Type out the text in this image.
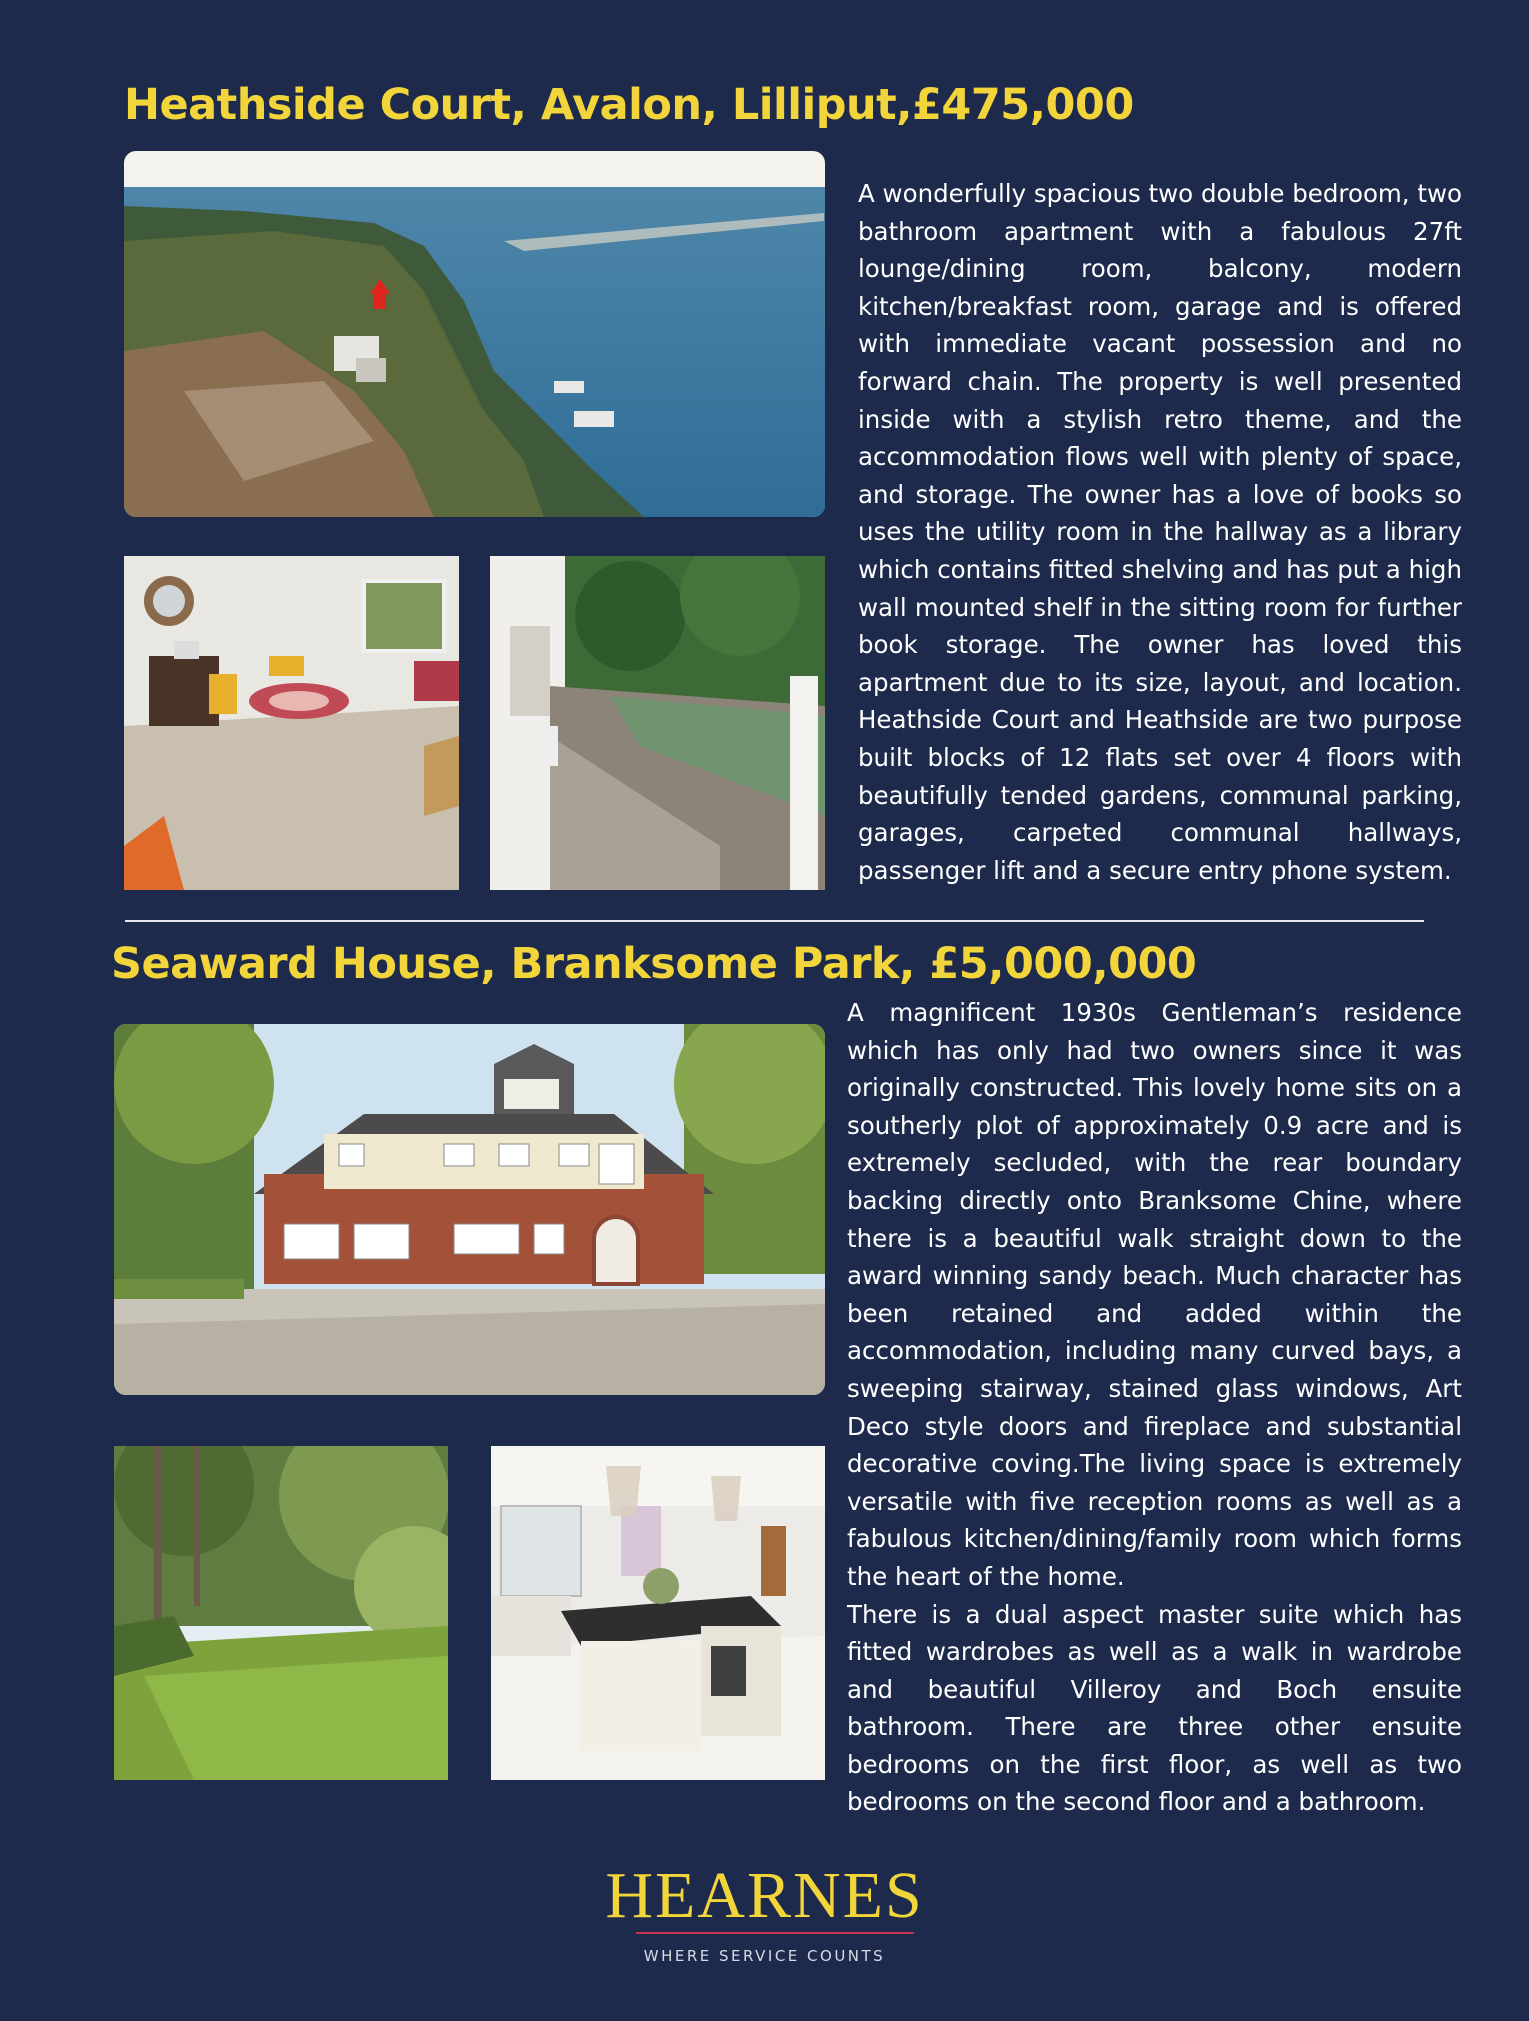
Heathside Court, Avalon, Lilliput,£475,000

A wonderfully spacious two double bedroom, two bathroom apartment with a fabulous 27ft lounge/dining room, balcony, modern kitchen/breakfast room, garage and is offered with immediate vacant possession and no forward chain. The property is well presented inside with a stylish retro theme, and the accommodation flows well with plenty of space, and storage. The owner has a love of books so uses the utility room in the hallway as a library which contains fitted shelving and has put a high wall mounted shelf in the sitting room for further book storage. The owner has loved this apartment due to its size, layout, and location. Heathside Court and Heathside are two purpose built blocks of 12 flats set over 4 floors with beautifully tended gardens, communal parking, garages, carpeted communal hallways, passenger lift and a secure entry phone system.

Seaward House, Branksome Park, £5,000,000

A magnificent 1930s Gentleman’s residence which has only had two owners since it was originally constructed. This lovely home sits on a southerly plot of approximately 0.9 acre and is extremely secluded, with the rear boundary backing directly onto Branksome Chine, where there is a beautiful walk straight down to the award winning sandy beach. Much character has been retained and added within the accommodation, including many curved bays, a sweeping stairway, stained glass windows, Art Deco style doors and fireplace and substantial decorative coving.The living space is extremely versatile with five reception rooms as well as a fabulous kitchen/dining/family room which forms the heart of the home.

There is a dual aspect master suite which has fitted wardrobes as well as a walk in wardrobe and beautiful Villeroy and Boch ensuite bathroom. There are three other ensuite bedrooms on the first floor, as well as two bedrooms on the second floor and a bathroom.

HEARNES

WHERE SERVICE COUNTS
